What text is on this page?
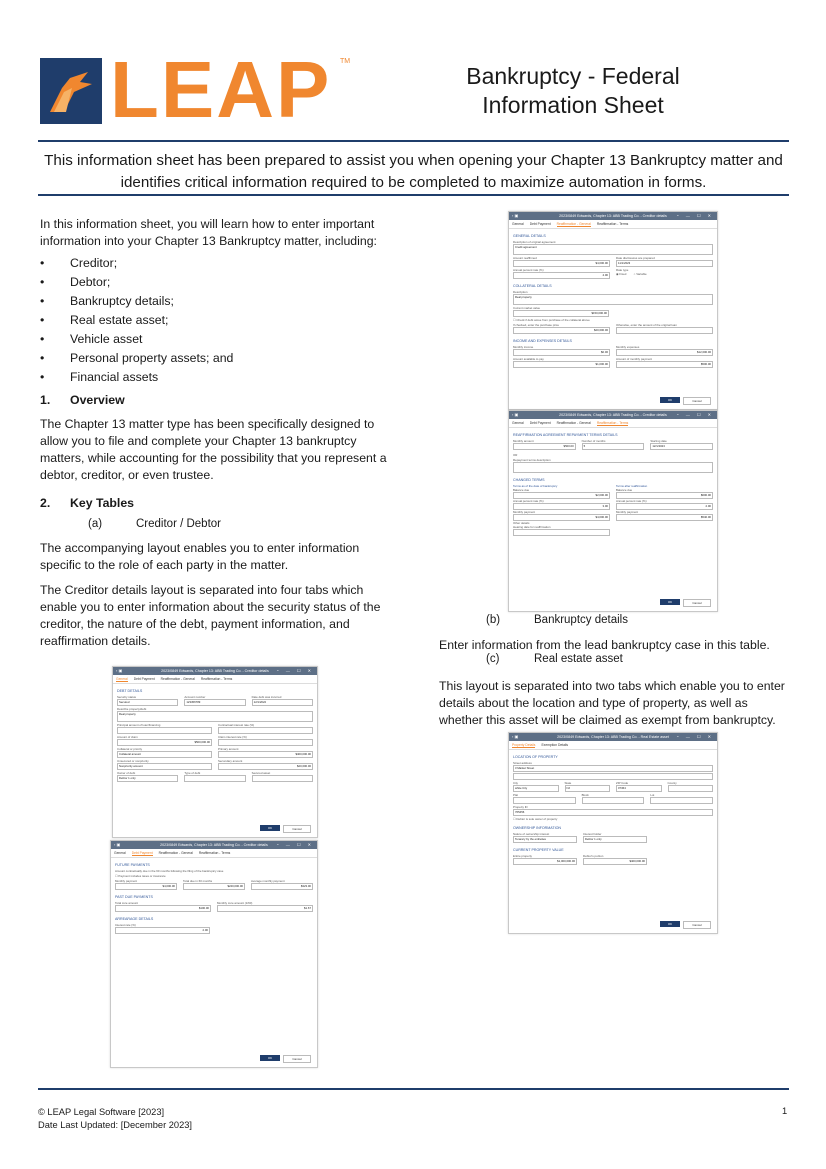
LEAP TM
Bankruptcy - Federal
Information Sheet
This information sheet has been prepared to assist you when opening your Chapter 13 Bankruptcy matter and identifies critical information required to be completed to maximize automation in forms.
In this information sheet, you will learn how to enter important information into your Chapter 13 Bankruptcy matter, including:
• Creditor;
• Debtor;
• Bankruptcy details;
• Real estate asset;
• Vehicle asset
• Personal property assets; and
• Financial assets
1. Overview
The Chapter 13 matter type has been specifically designed to allow you to file and complete your Chapter 13 bankruptcy matters, while accounting for the possibility that you represent a debtor, creditor, or even trustee.
2. Key Tables
(a)	Creditor / Debtor
The accompanying layout enables you to enter information specific to the role of each party in the matter.
The Creditor details layout is separated into four tabs which enable you to enter information about the security status of the creditor, the nature of the debt, payment information, and reaffirmation details.
‹ ▣	2023/0849 Edwards, Chapter 13: ABB Trading Co. - Creditor details ◔ — ☐ ✕
General Debt Payment Reaffirmation - General Reaffirmation - Terms
DEBT DETAILS
Security status
Secured
Account number
123456789
Date debt was incurred
12/1/2022
Describe property/debt
Real property
Principal amount of loan/financing	Contractual interest rate (%)
Amount of claim
$500,000.00
Claim interest rate (%)
Collateral or priority
Collateral amount
Primary amount
$400,000.00
Unsecured or nonpriority
Nonpriority amount
Secondary amount
$20,000.00
Owner of debt
Debtor 1 only
Type of debt	Secured asset
OK	Cancel
‹ ▣	2023/0849 Edwards, Chapter 13: ABB Trading Co. - Creditor details ◔ — ☐ ✕
General Debt Payment Reaffirmation - General Reaffirmation - Terms
FUTURE PAYMENTS
Amount contractually due in the 60 months following the filing of the bankruptcy case
☐ Payment includes taxes or insurance
Monthly payment
$4,000.00
Total due in 60 months
$240,000.00
Average monthly payment
$323.00
PAST DUE PAYMENTS
Total cure amount
$100.00
Monthly cure amount (1/60)
$1.67
ARREARAGE DETAILS
Interest rate (%)
2.00
OK	Cancel
‹ ▣	2023/0849 Edwards, Chapter 13: ABB Trading Co. - Creditor details ◔ — ☐ ✕
General Debt Payment Reaffirmation - General Reaffirmation - Terms
GENERAL DETAILS
Description of original agreement
Credit agreement
Amount reaffirmed
$4,000.00
Date disclosures are prepared
11/1/2023
Annual percent rate (%)
4.00
Rate type
◉ Fixed         ○ Variable
COLLATERAL DETAILS
Description
Real property
Current market value
$150,000.00
☐ Check if debt arose from purchase of the collateral above
If checked, enter the purchase price
$20,000.00
Otherwise, enter the amount of the original loan
INCOME AND EXPENSES DETAILS
Monthly income
$0.00
Monthly expenses
$12,000.00
Amount available to pay
$1,000.00
Amount of monthly payment
$500.00
OK	Cancel
‹ ▣	2023/0849 Edwards, Chapter 13: ABB Trading Co. - Creditor details ◔ — ☐ ✕
General Debt Payment Reaffirmation - General Reaffirmation - Terms
REAFFIRMATION AGREEMENT REPAYMENT TERMS DETAILS
Monthly amount
$500.00
Number of months
5
Starting date
12/1/2023
OR
Repayment terms description
CHANGED TERMS
Terms as of the date of bankruptcy
Balance due
$2,000.00
Annual percent rate (%)
3.00
Monthly payment
$4,000.00
Other details
Hearing date for reaffirmation
Terms after reaffirmation
Balance due
$600.00
Annual percent rate (%)
2.00
Monthly payment
$540.00
OK	Cancel
(b)	Bankruptcy details
Enter information from the lead bankruptcy case in this table.
(c)	Real estate asset
This layout is separated into two tabs which enable you to enter details about the location and type of property, as well as whether this asset will be claimed as exempt from bankruptcy.
‹ ▣	2023/0849 Edwards, Chapter 13: ABB Trading Co. - Real Estate asset ◔ — ☐ ✕
Property Details Exemption Details
LOCATION OF PROPERTY
Street address
3 Market Street
City
white City
State
NJ
ZIP Code
07364
County
Plat	Block	Lot
Property ID
765456
☐ Debtor is sole owner of property
OWNERSHIP INFORMATION
Nature of ownership interest
Tenancy by the entireties
Interest holder
Debtor 1 only
CURRENT PROPERTY VALUE
Entire property
$1,000,000.00
Debtor's portion
$400,000.00
OK	Cancel
© LEAP Legal Software [2023]
Date Last Updated: [December 2023]
1
